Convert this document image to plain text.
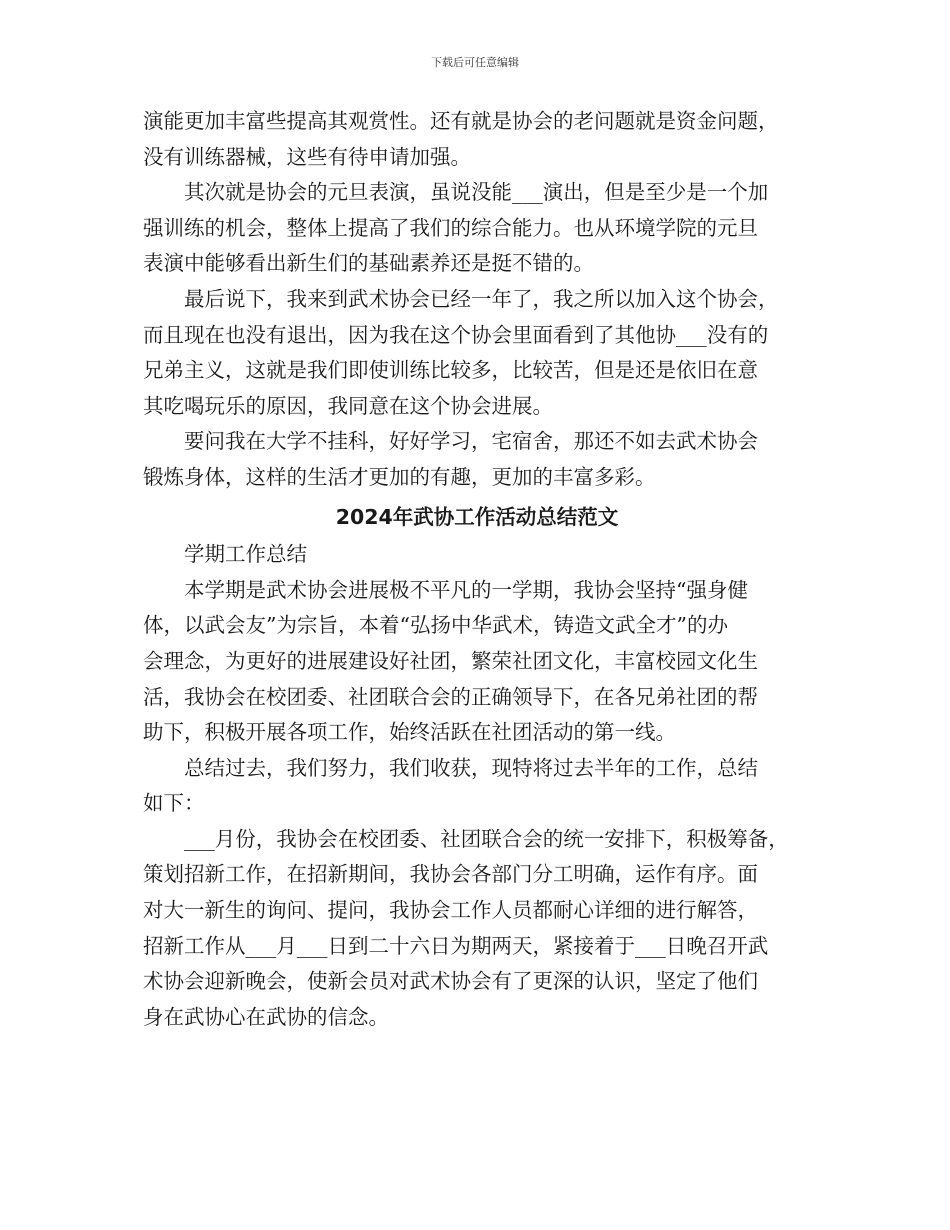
下载后可任意编辑

演能更加丰富些提高其观赏性。还有就是协会的老问题就是资金问题，
没有训练器械，这些有待申请加强。

　　其次就是协会的元旦表演，虽说没能___演出，但是至少是一个加
强训练的机会，整体上提高了我们的综合能力。也从环境学院的元旦
表演中能够看出新生们的基础素养还是挺不错的。

　　最后说下，我来到武术协会已经一年了，我之所以加入这个协会，
而且现在也没有退出，因为我在这个协会里面看到了其他协___没有的
兄弟主义，这就是我们即使训练比较多，比较苦，但是还是依旧在意
其吃喝玩乐的原因，我同意在这个协会进展。

　　要问我在大学不挂科，好好学习，宅宿舍，那还不如去武术协会
锻炼身体，这样的生活才更加的有趣，更加的丰富多彩。

2024年武协工作活动总结范文

　　学期工作总结

　　本学期是武术协会进展极不平凡的一学期，我协会坚持“强身健
体，以武会友”为宗旨，本着“弘扬中华武术，铸造文武全才”的办
会理念，为更好的进展建设好社团，繁荣社团文化，丰富校园文化生
活，我协会在校团委、社团联合会的正确领导下，在各兄弟社团的帮
助下，积极开展各项工作，始终活跃在社团活动的第一线。

　　总结过去，我们努力，我们收获，现特将过去半年的工作，总结
如下：

　　___月份，我协会在校团委、社团联合会的统一安排下，积极筹备，
策划招新工作，在招新期间，我协会各部门分工明确，运作有序。面
对大一新生的询问、提问，我协会工作人员都耐心详细的进行解答，
招新工作从___月___日到二十六日为期两天，紧接着于___日晚召开武
术协会迎新晚会，使新会员对武术协会有了更深的认识，坚定了他们
身在武协心在武协的信念。
